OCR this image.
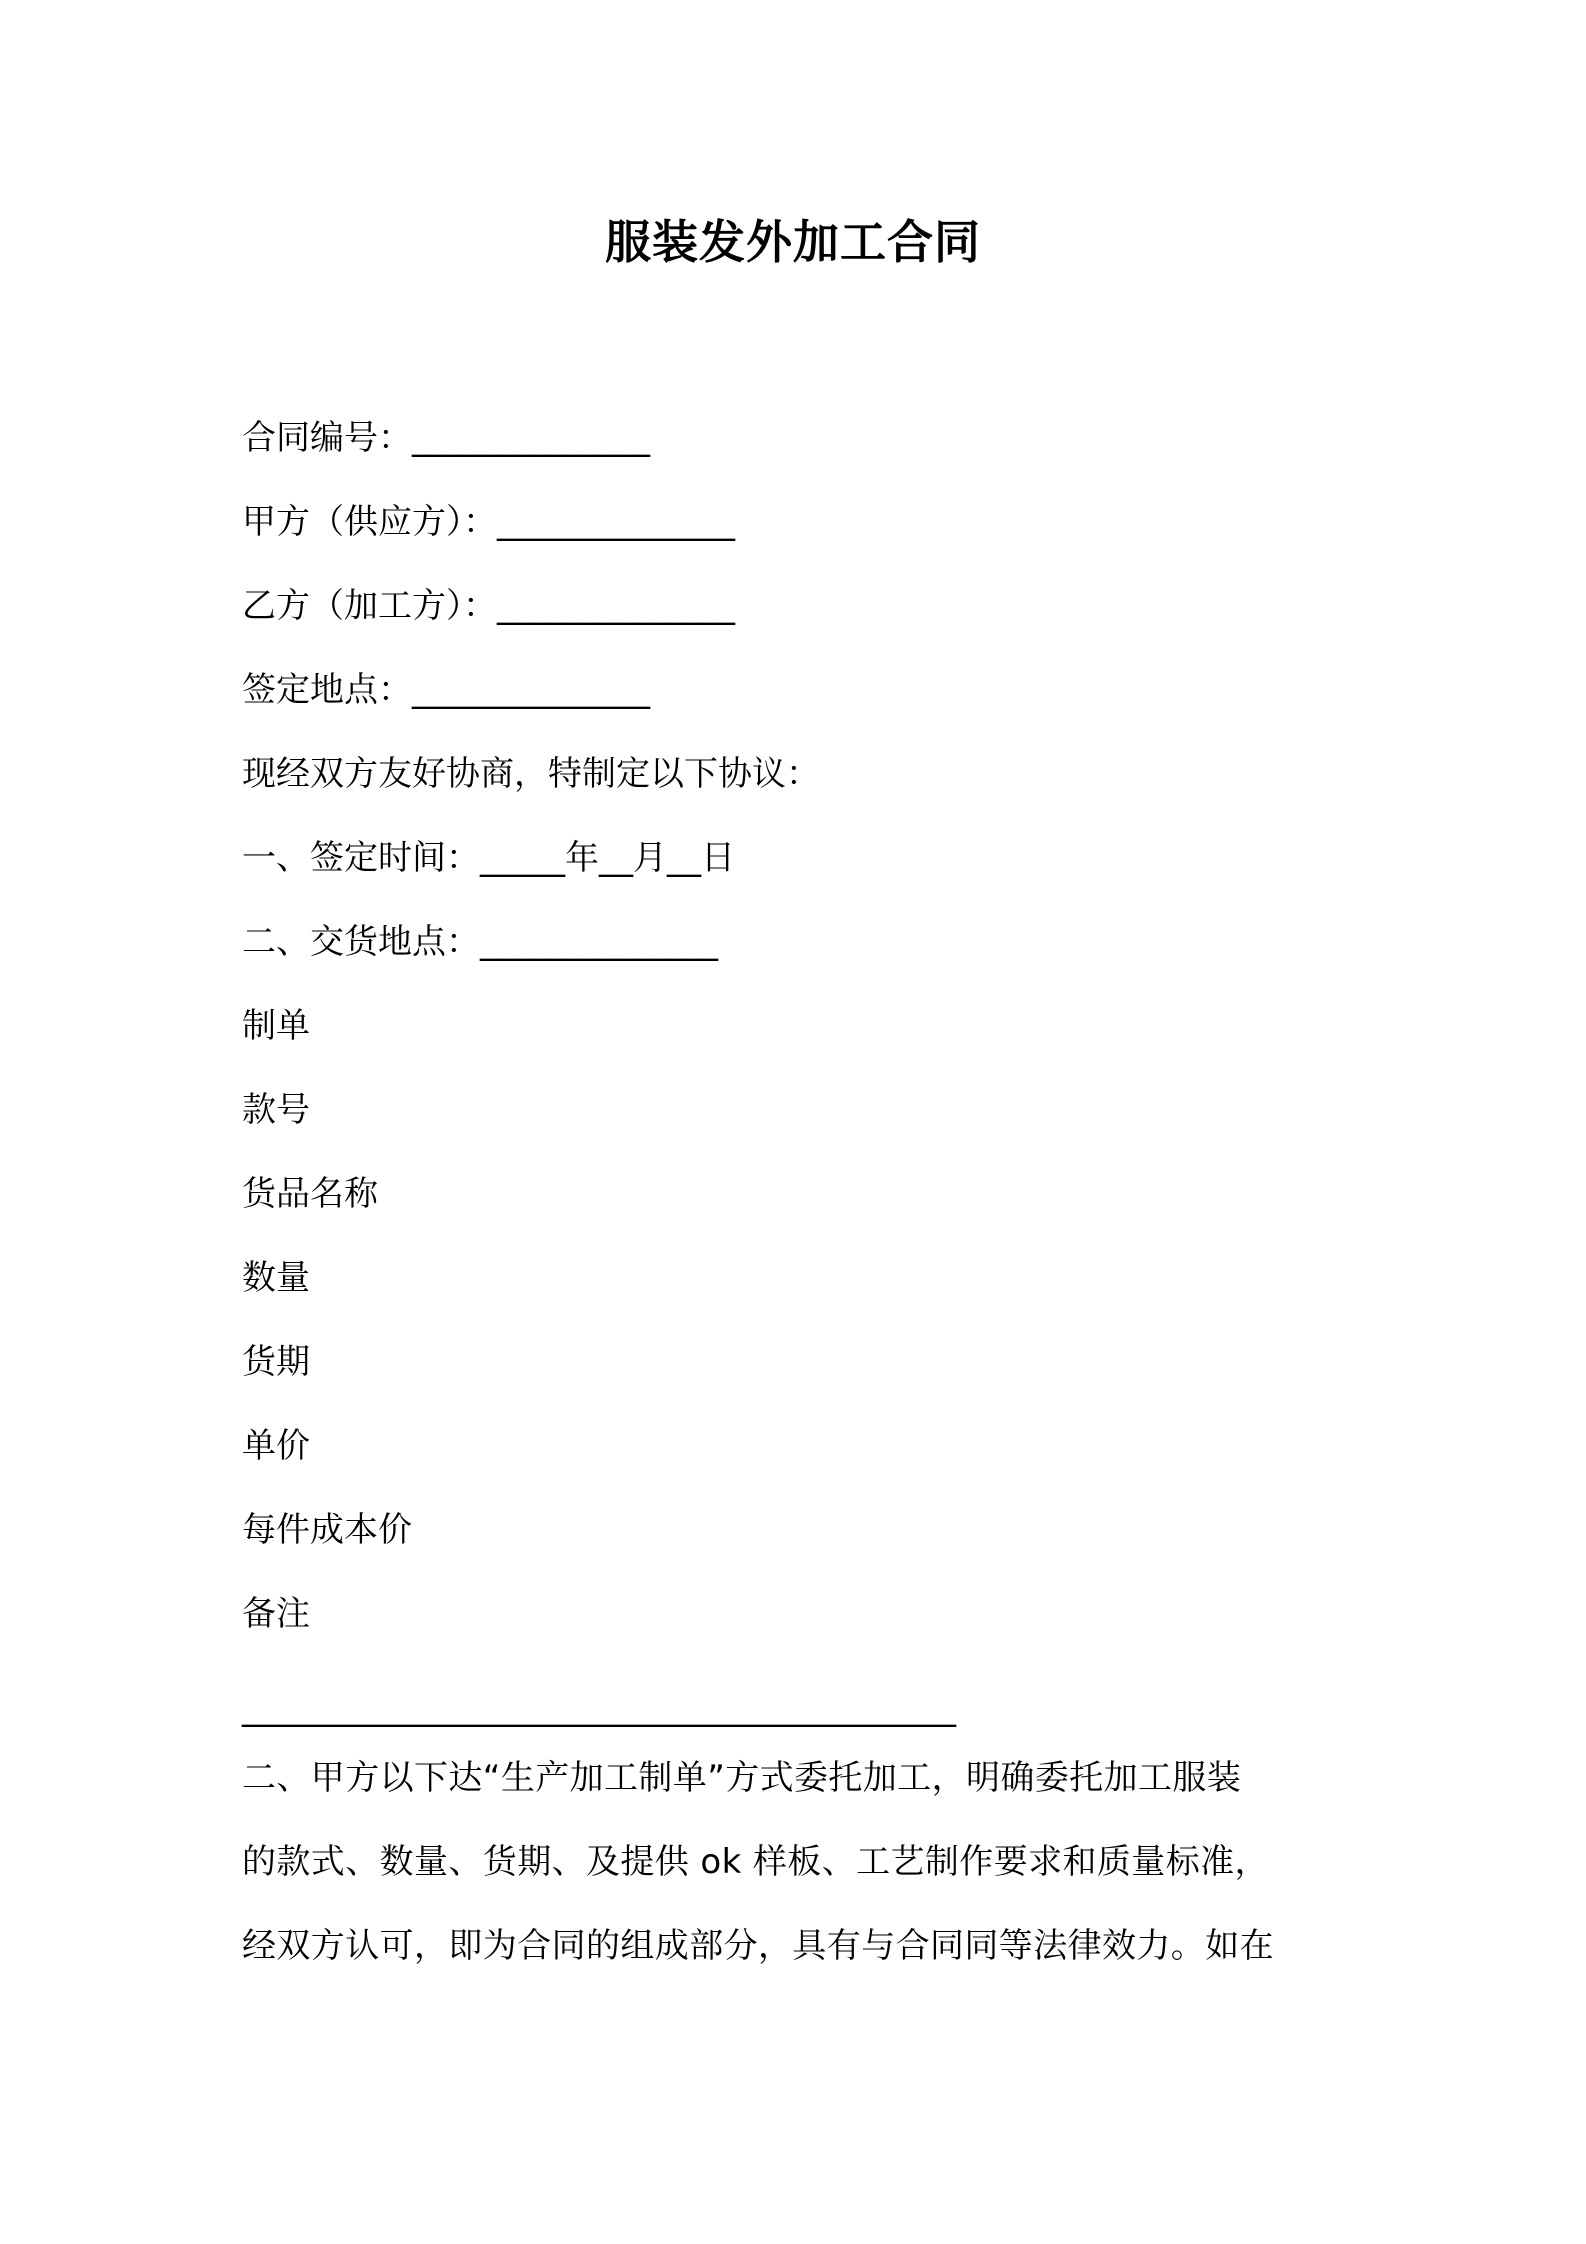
服装发外加工合同
合同编号：______________
甲方（供应方）：______________
乙方（加工方）：______________
签定地点：______________
现经双方友好协商，特制定以下协议：
一、签定时间：_____年__月__日
二、交货地点：______________
制单
款号
货品名称
数量
货期
单价
每件成本价
备注
__________________________________________
二、甲方以下达“生产加工制单”方式委托加工，明确委托加工服装
的款式、数量、货期、及提供 ok 样板、工艺制作要求和质量标准，
经双方认可，即为合同的组成部分，具有与合同同等法律效力。如在
